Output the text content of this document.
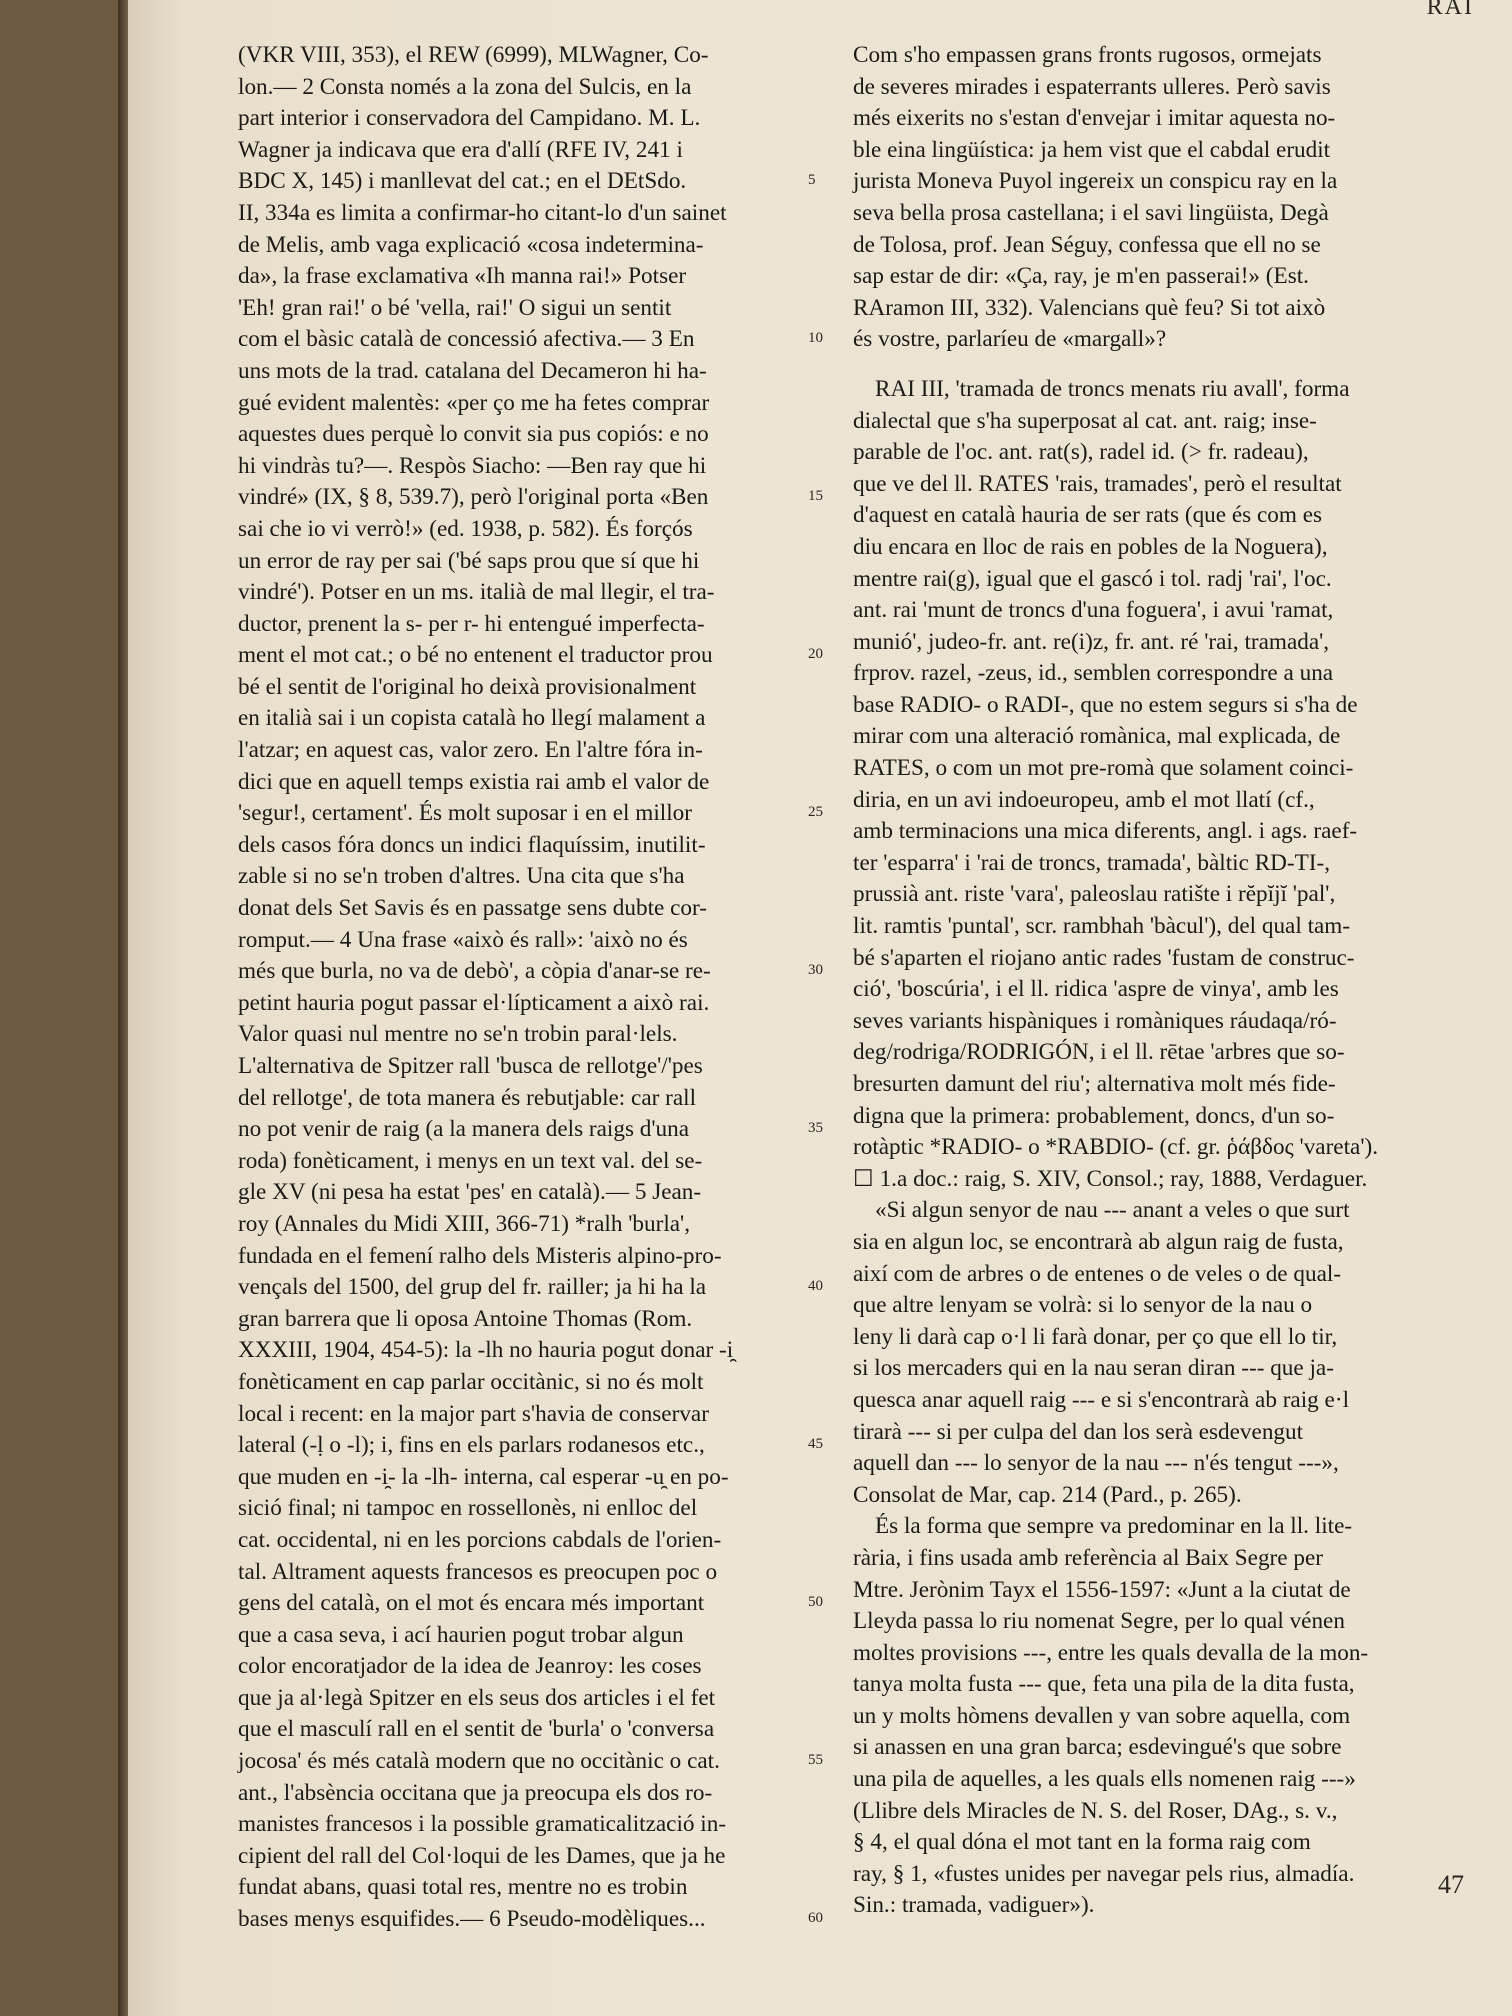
RAI

(VKR VIII, 353), el REW (6999), MLWagner, Co-
lon.— 2 Consta només a la zona del Sulcis, en la
part interior i conservadora del Campidano. M. L.
Wagner ja indicava que era d'allí (RFE IV, 241 i
BDC X, 145) i manllevat del cat.; en el DEtSdo.
II, 334a es limita a confirmar-ho citant-lo d'un sainet
de Melis, amb vaga explicació «cosa indetermina-
da», la frase exclamativa «Ih manna rai!» Potser
'Eh! gran rai!' o bé 'vella, rai!' O sigui un sentit
com el bàsic català de concessió afectiva.— 3 En
uns mots de la trad. catalana del Decameron hi ha-
gué evident malentès: «per ço me ha fetes comprar
aquestes dues perquè lo convit sia pus copiós: e no
hi vindràs tu?—. Respòs Siacho: —Ben ray que hi
vindré» (IX, § 8, 539.7), però l'original porta «Ben
sai che io vi verrò!» (ed. 1938, p. 582). És forçós
un error de ray per sai ('bé saps prou que sí que hi
vindré'). Potser en un ms. italià de mal llegir, el tra-
ductor, prenent la s- per r- hi entengué imperfecta-
ment el mot cat.; o bé no entenent el traductor prou
bé el sentit de l'original ho deixà provisionalment
en italià sai i un copista català ho llegí malament a
l'atzar; en aquest cas, valor zero. En l'altre fóra in-
dici que en aquell temps existia rai amb el valor de
'segur!, certament'. És molt suposar i en el millor
dels casos fóra doncs un indici flaquíssim, inutilit-
zable si no se'n troben d'altres. Una cita que s'ha
donat dels Set Savis és en passatge sens dubte cor-
romput.— 4 Una frase «això és rall»: 'això no és
més que burla, no va de debò', a còpia d'anar-se re-
petint hauria pogut passar el·lípticament a això rai.
Valor quasi nul mentre no se'n trobin paral·lels.
L'alternativa de Spitzer rall 'busca de rellotge'/'pes
del rellotge', de tota manera és rebutjable: car rall
no pot venir de raig (a la manera dels raigs d'una
roda) fonèticament, i menys en un text val. del se-
gle XV (ni pesa ha estat 'pes' en català).— 5 Jean-
roy (Annales du Midi XIII, 366-71) *ralh 'burla',
fundada en el femení ralho dels Misteris alpino-pro-
vençals del 1500, del grup del fr. railler; ja hi ha la
gran barrera que li oposa Antoine Thomas (Rom.
XXXIII, 1904, 454-5): la -lh no hauria pogut donar -i̯
fonèticament en cap parlar occitànic, si no és molt
local i recent: en la major part s'havia de conservar
lateral (-ḷ o -l); i, fins en els parlars rodanesos etc.,
que muden en -i̯- la -lh- interna, cal esperar -u̯ en po-
sició final; ni tampoc en rossellonès, ni enlloc del
cat. occidental, ni en les porcions cabdals de l'orien-
tal. Altrament aquests francesos es preocupen poc o
gens del català, on el mot és encara més important
que a casa seva, i ací haurien pogut trobar algun
color encoratjador de la idea de Jeanroy: les coses
que ja al·legà Spitzer en els seus dos articles i el fet
que el masculí rall en el sentit de 'burla' o 'conversa
jocosa' és més català modern que no occitànic o cat.
ant., l'absència occitana que ja preocupa els dos ro-
manistes francesos i la possible gramaticalització in-
cipient del rall del Col·loqui de les Dames, que ja he
fundat abans, quasi total res, mentre no es trobin
bases menys esquifides.— 6 Pseudo-modèliques...

Com s'ho empassen grans fronts rugosos, ormejats
de severes mirades i espaterrants ulleres. Però savis
més eixerits no s'estan d'envejar i imitar aquesta no-
ble eina lingüística: ja hem vist que el cabdal erudit
jurista Moneva Puyol ingereix un conspicu ray en la
seva bella prosa castellana; i el savi lingüista, Degà
de Tolosa, prof. Jean Séguy, confessa que ell no se
sap estar de dir: «Ça, ray, je m'en passerai!» (Est.
RAramon III, 332). Valencians què feu? Si tot això
és vostre, parlaríeu de «margall»?

RAI III, 'tramada de troncs menats riu avall', forma
dialectal que s'ha superposat al cat. ant. raig; inse-
parable de l'oc. ant. rat(s), radel id. (> fr. radeau),
que ve del ll. RATES 'rais, tramades', però el resultat
d'aquest en català hauria de ser rats (que és com es
diu encara en lloc de rais en pobles de la Noguera),
mentre rai(g), igual que el gascó i tol. radj 'rai', l'oc.
ant. rai 'munt de troncs d'una foguera', i avui 'ramat,
munió', judeo-fr. ant. re(i)z, fr. ant. ré 'rai, tramada',
frprov. razel, -zeus, id., semblen correspondre a una
base RADIO- o RADI-, que no estem segurs si s'ha de
mirar com una alteració romànica, mal explicada, de
RATES, o com un mot pre-romà que solament coinci-
diria, en un avi indoeuropeu, amb el mot llatí (cf.,
amb terminacions una mica diferents, angl. i ags. raef-
ter 'esparra' i 'rai de troncs, tramada', bàltic RD-TI-,
prussià ant. riste 'vara', paleoslau ratište i rĕpĭjĭ 'pal',
lit. ramtis 'puntal', scr. rambhah 'bàcul'), del qual tam-
bé s'aparten el riojano antic rades 'fustam de construc-
ció', 'boscúria', i el ll. ridica 'aspre de vinya', amb les
seves variants hispàniques i romàniques ráudaqa/ró-
deg/rodriga/RODRIGÓN, i el ll. rētae 'arbres que so-
bresurten damunt del riu'; alternativa molt més fide-
digna que la primera: probablement, doncs, d'un so-
rotàptic *RADIO- o *RABDIO- (cf. gr. ῥάβδος 'vareta').
☐ 1.a doc.: raig, S. XIV, Consol.; ray, 1888, Verdaguer.

«Si algun senyor de nau --- anant a veles o que surt
sia en algun loc, se encontrarà ab algun raig de fusta,
així com de arbres o de entenes o de veles o de qual-
que altre lenyam se volrà: si lo senyor de la nau o
leny li darà cap o·l li farà donar, per ço que ell lo tir,
si los mercaders qui en la nau seran diran --- que ja-
quesca anar aquell raig --- e si s'encontrarà ab raig e·l
tirarà --- si per culpa del dan los serà esdevengut
aquell dan --- lo senyor de la nau --- n'és tengut ---»,
Consolat de Mar, cap. 214 (Pard., p. 265).

És la forma que sempre va predominar en la ll. lite-
rària, i fins usada amb referència al Baix Segre per
Mtre. Jerònim Tayx el 1556-1597: «Junt a la ciutat de
Lleyda passa lo riu nomenat Segre, per lo qual vénen
moltes provisions ---, entre les quals devalla de la mon-
tanya molta fusta --- que, feta una pila de la dita fusta,
un y molts hòmens devallen y van sobre aquella, com
si anassen en una gran barca; esdevingué's que sobre
una pila de aquelles, a les quals ells nomenen raig ---»
(Llibre dels Miracles de N. S. del Roser, DAg., s. v.,
§ 4, el qual dóna el mot tant en la forma raig com
ray, § 1, «fustes unides per navegar pels rius, almadía.
Sin.: tramada, vadiguer»).

5
10
15
20
25
30
35
40
45
50
55
60
47
